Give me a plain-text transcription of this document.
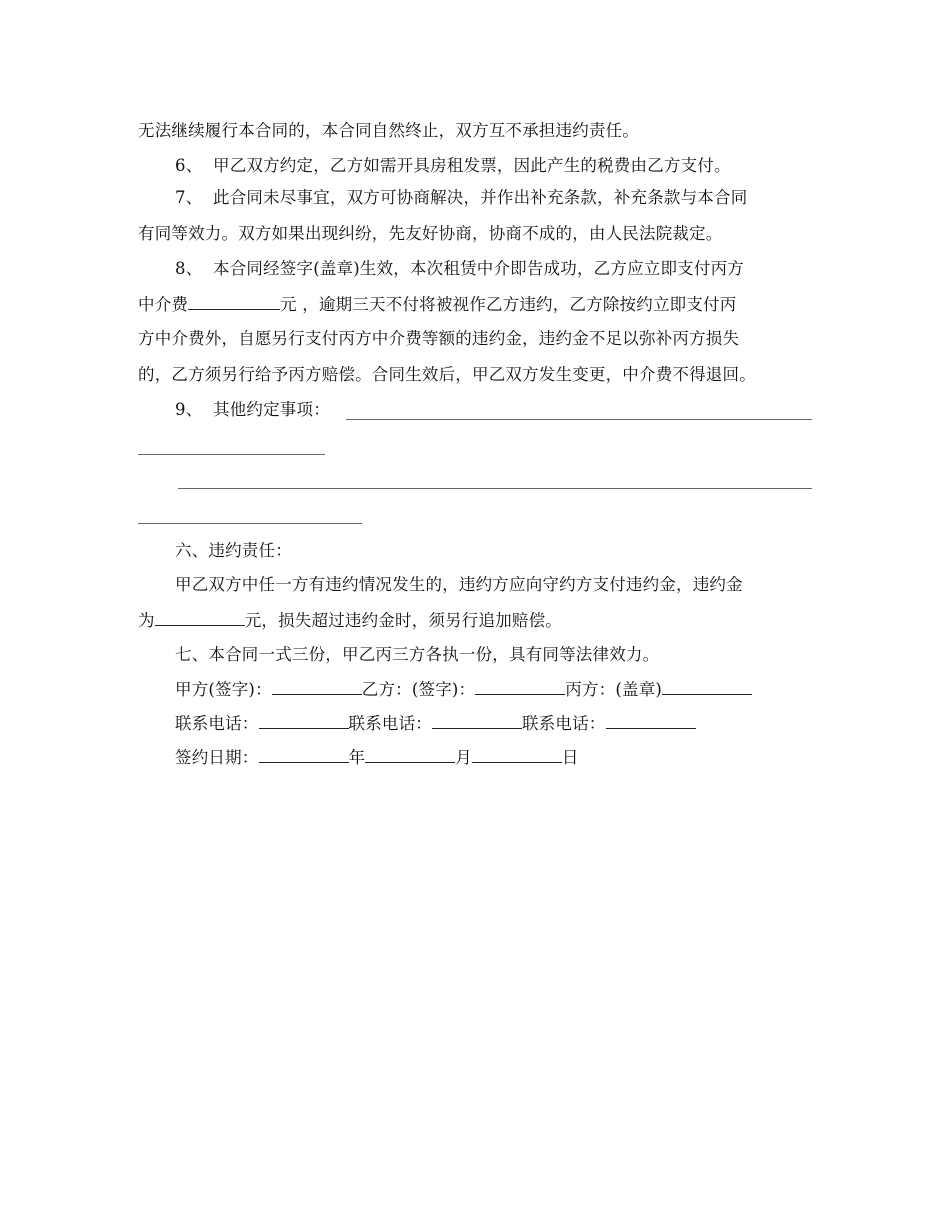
无法继续履行本合同的，本合同自然终止，双方互不承担违约责任。
6、 甲乙双方约定，乙方如需开具房租发票，因此产生的税费由乙方支付。
7、 此合同未尽事宜，双方可协商解决，并作出补充条款，补充条款与本合同
有同等效力。双方如果出现纠纷，先友好协商，协商不成的，由人民法院裁定。
8、 本合同经签字(盖章)生效，本次租赁中介即告成功，乙方应立即支付丙方
中介费	元 ，逾期三天不付将被视作乙方违约，乙方除按约立即支付丙
方中介费外，自愿另行支付丙方中介费等额的违约金，违约金不足以弥补丙方损失
的，乙方须另行给予丙方赔偿。合同生效后，甲乙双方发生变更，中介费不得退回。
9、 其他约定事项：
六、违约责任：
甲乙双方中任一方有违约情况发生的，违约方应向守约方支付违约金，违约金
为	元，损失超过违约金时，须另行追加赔偿。
七、本合同一式三份，甲乙丙三方各执一份，具有同等法律效力。
甲方(签字)：	乙方：(签字)：	丙方：(盖章)
联系电话：	联系电话：	联系电话：
签约日期：	年	月	日
